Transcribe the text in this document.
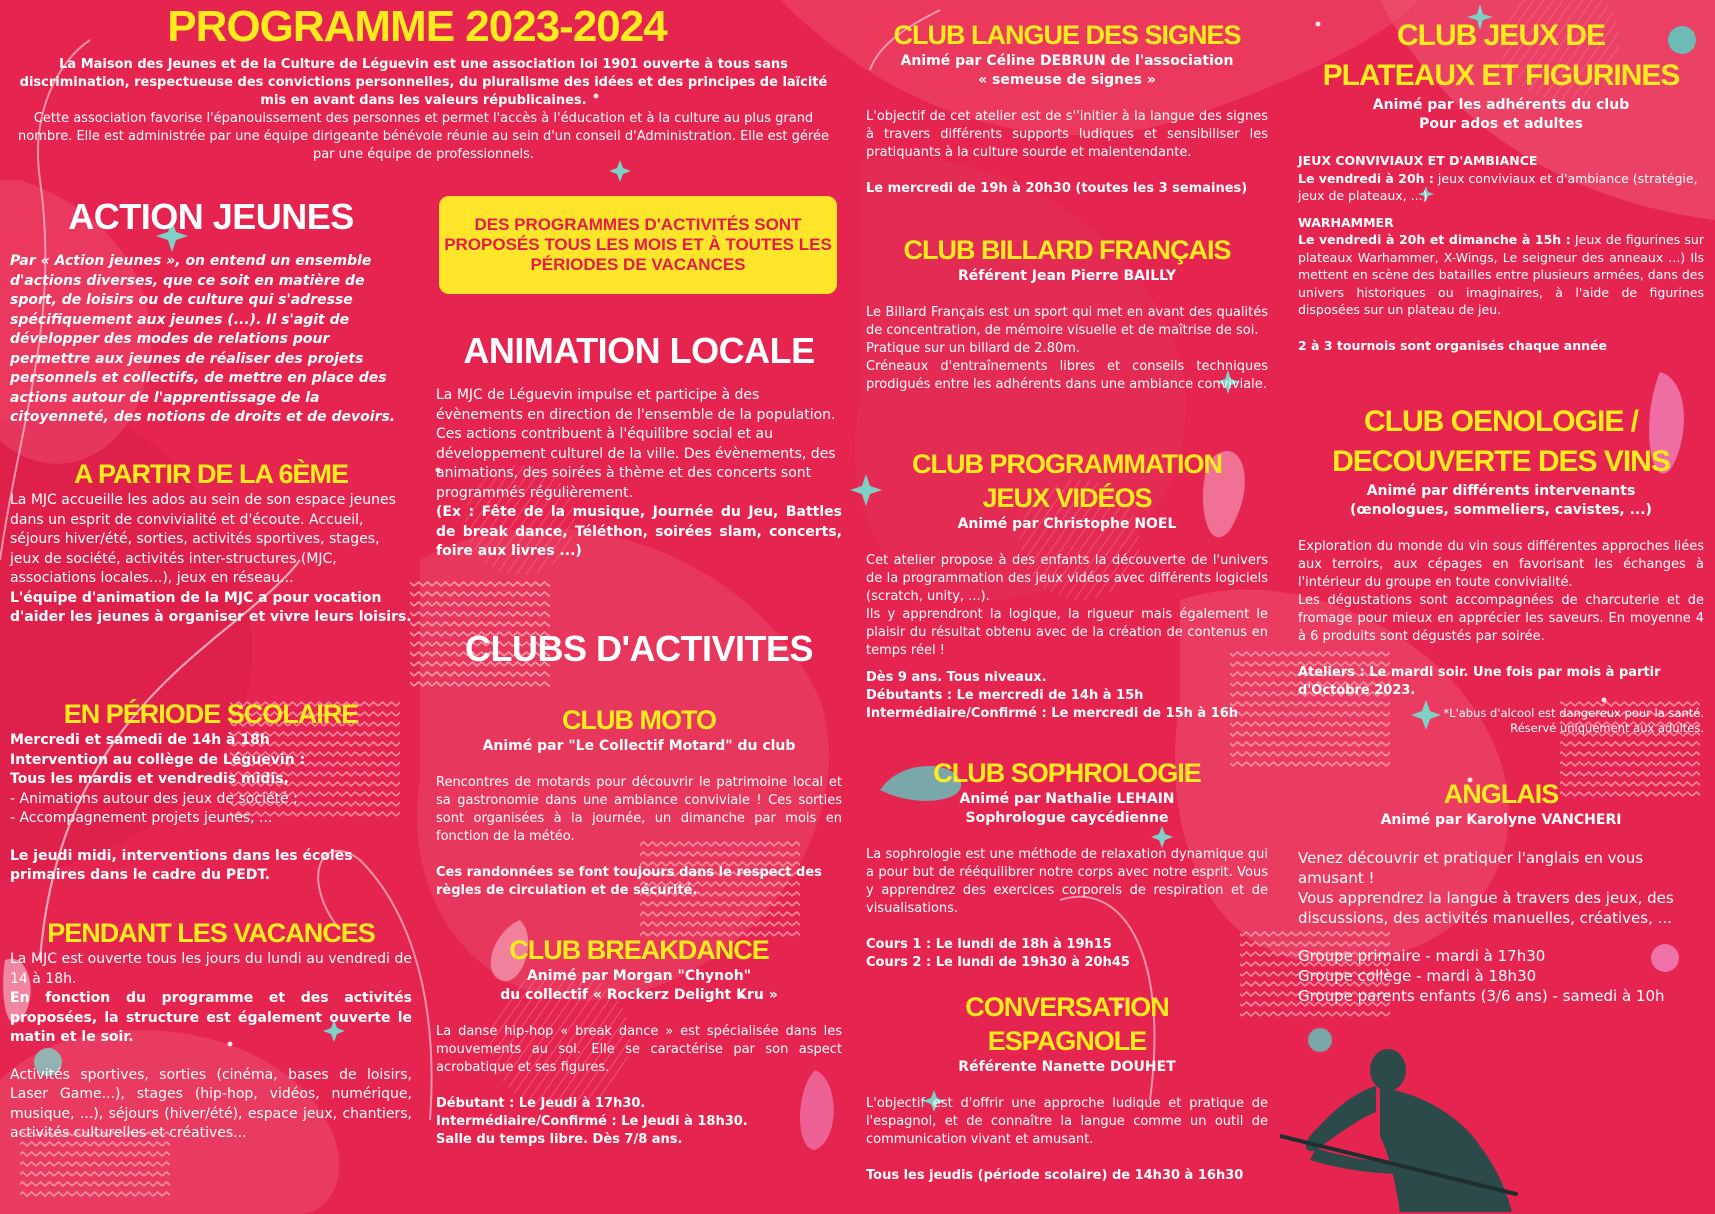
PROGRAMME 2023-2024

La Maison des Jeunes et de la Culture de Léguevin est une association loi 1901 ouverte à tous sans discrimination, respectueuse des convictions personnelles, du pluralisme des idées et des principes de laïcité mis en avant dans les valeurs républicaines.

Cette association favorise l'épanouissement des personnes et permet l'accès à l'éducation et à la culture au plus grand nombre. Elle est administrée par une équipe dirigeante bénévole réunie au sein d'un conseil d'Administration. Elle est gérée par une équipe de professionnels.

ACTION JEUNES

Par « Action jeunes », on entend un ensemble d'actions diverses, que ce soit en matière de sport, de loisirs ou de culture qui s'adresse spécifiquement aux jeunes (...). Il s'agit de développer des modes de relations pour permettre aux jeunes de réaliser des projets personnels et collectifs, de mettre en place des actions autour de l'apprentissage de la citoyenneté, des notions de droits et de devoirs.

A PARTIR DE LA 6ÈME

La MJC accueille les ados au sein de son espace jeunes dans un esprit de convivialité et d'écoute. Accueil, séjours hiver/été, sorties, activités sportives, stages, jeux de société, activités inter-structures (MJC, associations locales...), jeux en réseau...

L'équipe d'animation de la MJC a pour vocation d'aider les jeunes à organiser et vivre leurs loisirs.

EN PÉRIODE SCOLAIRE

Mercredi et samedi de 14h à 18h

Intervention au collège de Léguevin :

Tous les mardis et vendredis midis,

- Animations autour des jeux de société ;

- Accompagnement projets jeunes, ...

Le jeudi midi, interventions dans les écoles primaires dans le cadre du PEDT.

PENDANT LES VACANCES

La MJC est ouverte tous les jours du lundi au vendredi de 14 à 18h.

En fonction du programme et des activités proposées, la structure est également ouverte le matin et le soir.

Activités sportives, sorties (cinéma, bases de loisirs, Laser Game...), stages (hip-hop, vidéos, numérique, musique, ...), séjours (hiver/été), espace jeux, chantiers, activités culturelles et créatives...

DES PROGRAMMES D'ACTIVITÉS SONT PROPOSÉS TOUS LES MOIS ET À TOUTES LES PÉRIODES DE VACANCES
ANIMATION LOCALE

La MJC de Léguevin impulse et participe à des évènements en direction de l'ensemble de la population. Ces actions contribuent à l'équilibre social et au développement culturel de la ville. Des évènements, des animations, des soirées à thème et des concerts sont programmés régulièrement.

(Ex : Fête de la musique, Journée du Jeu, Battles de break dance, Téléthon, soirées slam, concerts, foire aux livres ...)

CLUBS D'ACTIVITES
CLUB MOTO

Animé par "Le Collectif Motard" du club

Rencontres de motards pour découvrir le patrimoine local et sa gastronomie dans une ambiance conviviale ! Ces sorties sont organisées à la journée, un dimanche par mois en fonction de la météo.

Ces randonnées se font toujours dans le respect des règles de circulation et de sécurité.

CLUB BREAKDANCE

Animé par Morgan "Chynoh"

du collectif « Rockerz Delight Kru »

La danse hip-hop « break dance » est spécialisée dans les mouvements au sol. Elle se caractérise par son aspect acrobatique et ses figures.

Débutant : Le Jeudi à 17h30.

Intermédiaire/Confirmé : Le Jeudi à 18h30.

Salle du temps libre. Dès 7/8 ans.

CLUB LANGUE DES SIGNES

Animé par Céline DEBRUN de l'association

« semeuse de signes »

L'objectif de cet atelier est de s''initier à la langue des signes à travers différents supports ludiques et sensibiliser les pratiquants à la culture sourde et malentendante.

Le mercredi de 19h à 20h30 (toutes les 3 semaines)

CLUB BILLARD FRANÇAIS

Référent Jean Pierre BAILLY

Le Billard Français est un sport qui met en avant des qualités de concentration, de mémoire visuelle et de maîtrise de soi.

Pratique sur un billard de 2.80m.

Créneaux d'entraînements libres et conseils techniques prodigués entre les adhérents dans une ambiance conviviale.

CLUB PROGRAMMATION
JEUX VIDÉOS

Animé par Christophe NOEL

Cet atelier propose à des enfants la découverte de l'univers de la programmation des jeux vidéos avec différents logiciels (scratch, unity, ...).

Ils y apprendront la logique, la rigueur mais également le plaisir du résultat obtenu avec de la création de contenus en temps réel !

Dès 9 ans. Tous niveaux.

Débutants : Le mercredi de 14h à 15h

Intermédiaire/Confirmé : Le mercredi de 15h à 16h

CLUB SOPHROLOGIE

Animé par Nathalie LEHAIN

Sophrologue caycédienne

La sophrologie est une méthode de relaxation dynamique qui a pour but de rééquilibrer notre corps avec notre esprit. Vous y apprendrez des exercices corporels de respiration et de visualisations.

Cours 1 : Le lundi de 18h à 19h15

Cours 2 : Le lundi de 19h30 à 20h45

CONVERSATION
ESPAGNOLE

Référente Nanette DOUHET

L'objectif est d'offrir une approche ludique et pratique de l'espagnol, et de connaître la langue comme un outil de communication vivant et amusant.

Tous les jeudis (période scolaire) de 14h30 à 16h30

CLUB JEUX DE
PLATEAUX ET FIGURINES

Animé par les adhérents du club

Pour ados et adultes

JEUX CONVIVIAUX ET D'AMBIANCE

Le vendredi à 20h : jeux conviviaux et d'ambiance (stratégie, jeux de plateaux, ...)

WARHAMMER

Le vendredi à 20h et dimanche à 15h : Jeux de figurines sur plateaux Warhammer, X-Wings, Le seigneur des anneaux ...) Ils mettent en scène des batailles entre plusieurs armées, dans des univers historiques ou imaginaires, à l'aide de figurines disposées sur un plateau de jeu.

2 à 3 tournois sont organisés chaque année

CLUB OENOLOGIE /
DECOUVERTE DES VINS

Animé par différents intervenants

(œnologues, sommeliers, cavistes, ...)

Exploration du monde du vin sous différentes approches liées aux terroirs, aux cépages en favorisant les échanges à l'intérieur du groupe en toute convivialité.

Les dégustations sont accompagnées de charcuterie et de fromage pour mieux en apprécier les saveurs. En moyenne 4 à 6 produits sont dégustés par soirée.

Ateliers : Le mardi soir. Une fois par mois à partir d'Octobre 2023.

*L'abus d'alcool est dangereux pour la santé.

Réservé uniquement aux adultes.

ANGLAIS

Animé par Karolyne VANCHERI

Venez découvrir et pratiquer l'anglais en vous amusant !

Vous apprendrez la langue à travers des jeux, des discussions, des activités manuelles, créatives, ...

Groupe primaire - mardi à 17h30

Groupe collège - mardi à 18h30

Groupe parents enfants (3/6 ans) - samedi à 10h
